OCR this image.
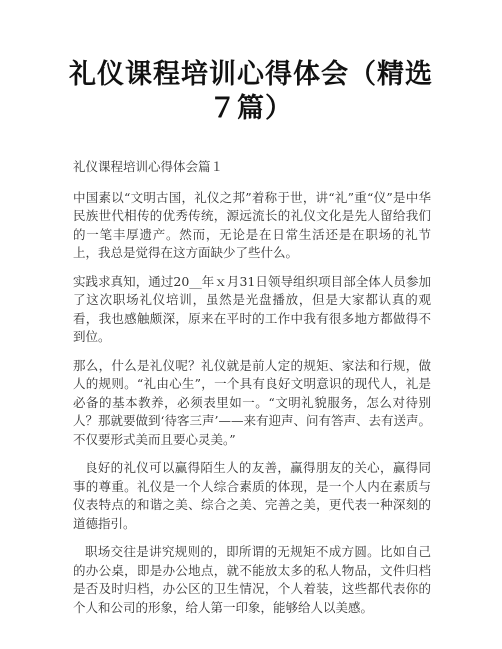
礼仪课程培训心得体会（精选７篇）

礼仪课程培训心得体会篇１

中国素以“文明古国，礼仪之邦”着称于世，讲“礼”重“仪”是中华民族世代相传的优秀传统，源远流长的礼仪文化是先人留给我们的一笔丰厚遗产。然而，无论是在日常生活还是在职场的礼节上，我总是觉得在这方面缺少了些什么。

实践求真知，通过20__年ｘ月31日领导组织项目部全体人员参加了这次职场礼仪培训，虽然是光盘播放，但是大家都认真的观看，我也感触颇深，原来在平时的工作中我有很多地方都做得不到位。

那么，什么是礼仪呢？礼仪就是前人定的规矩、家法和行规，做人的规则。“礼由心生”，一个具有良好文明意识的现代人，礼是必备的基本教养，必须表里如一。“文明礼貌服务，怎么对待别人？那就要做到‘待客三声’——来有迎声、问有答声、去有送声。不仅要形式美而且要心灵美。”

良好的礼仪可以赢得陌生人的友善，赢得朋友的关心，赢得同事的尊重。礼仪是一个人综合素质的体现，是一个人内在素质与仪表特点的和谐之美、综合之美、完善之美，更代表一种深刻的道德指引。

职场交往是讲究规则的，即所谓的无规矩不成方圆。比如自己的办公桌，即是办公地点，就不能放太多的私人物品，文件归档是否及时归档，办公区的卫生情况，个人着装，这些都代表你的个人和公司的形象，给人第一印象，能够给人以美感。
